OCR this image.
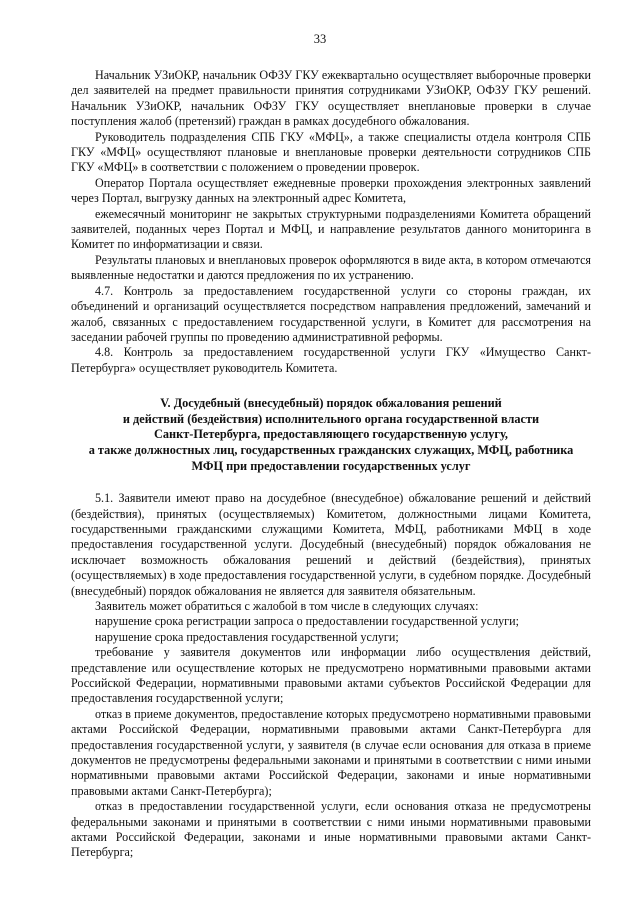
33

Начальник УЗиОКР, начальник ОФЗУ ГКУ ежеквартально осуществляет выборочные проверки дел заявителей на предмет правильности принятия сотрудниками УЗиОКР, ОФЗУ ГКУ решений. Начальник УЗиОКР, начальник ОФЗУ ГКУ осуществляет внеплановые проверки в случае поступления жалоб (претензий) граждан в рамках досудебного обжалования.

Руководитель подразделения СПБ ГКУ «МФЦ», а также специалисты отдела контроля СПБ ГКУ «МФЦ» осуществляют плановые и внеплановые проверки деятельности сотрудников СПБ ГКУ «МФЦ» в соответствии с положением о проведении проверок.

Оператор Портала осуществляет ежедневные проверки прохождения электронных заявлений через Портал, выгрузку данных на электронный адрес Комитета,

ежемесячный мониторинг не закрытых структурными подразделениями Комитета обращений заявителей, поданных через Портал и МФЦ, и направление результатов данного мониторинга в Комитет по информатизации и связи.

Результаты плановых и внеплановых проверок оформляются в виде акта, в котором отмечаются выявленные недостатки и даются предложения по их устранению.

4.7. Контроль за предоставлением государственной услуги со стороны граждан, их объединений и организаций осуществляется посредством направления предложений, замечаний и жалоб, связанных с предоставлением государственной услуги, в Комитет для рассмотрения на заседании рабочей группы по проведению административной реформы.

4.8. Контроль за предоставлением государственной услуги ГКУ «Имущество Санкт-Петербурга» осуществляет руководитель Комитета.

V. Досудебный (внесудебный) порядок обжалования решений
и действий (бездействия) исполнительного органа государственной власти
Санкт-Петербурга, предоставляющего государственную услугу,
а также должностных лиц, государственных гражданских служащих, МФЦ, работника
МФЦ при предоставлении государственных услуг

5.1. Заявители имеют право на досудебное (внесудебное) обжалование решений и действий (бездействия), принятых (осуществляемых) Комитетом, должностными лицами Комитета, государственными гражданскими служащими Комитета, МФЦ, работниками МФЦ в ходе предоставления государственной услуги. Досудебный (внесудебный) порядок обжалования не исключает возможность обжалования решений и действий (бездействия), принятых (осуществляемых) в ходе предоставления государственной услуги, в судебном порядке. Досудебный (внесудебный) порядок обжалования не является для заявителя обязательным.

Заявитель может обратиться с жалобой в том числе в следующих случаях:

нарушение срока регистрации запроса о предоставлении государственной услуги;

нарушение срока предоставления государственной услуги;

требование у заявителя документов или информации либо осуществления действий, представление или осуществление которых не предусмотрено нормативными правовыми актами Российской Федерации, нормативными правовыми актами субъектов Российской Федерации для предоставления государственной услуги;

отказ в приеме документов, предоставление которых предусмотрено нормативными правовыми актами Российской Федерации, нормативными правовыми актами Санкт-Петербурга для предоставления государственной услуги, у заявителя (в случае если основания для отказа в приеме документов не предусмотрены федеральными законами и принятыми в соответствии с ними иными нормативными правовыми актами Российской Федерации, законами и иные нормативными правовыми актами Санкт-Петербурга);

отказ в предоставлении государственной услуги, если основания отказа не предусмотрены федеральными законами и принятыми в соответствии с ними иными нормативными правовыми актами Российской Федерации, законами и иные нормативными правовыми актами Санкт-Петербурга;
